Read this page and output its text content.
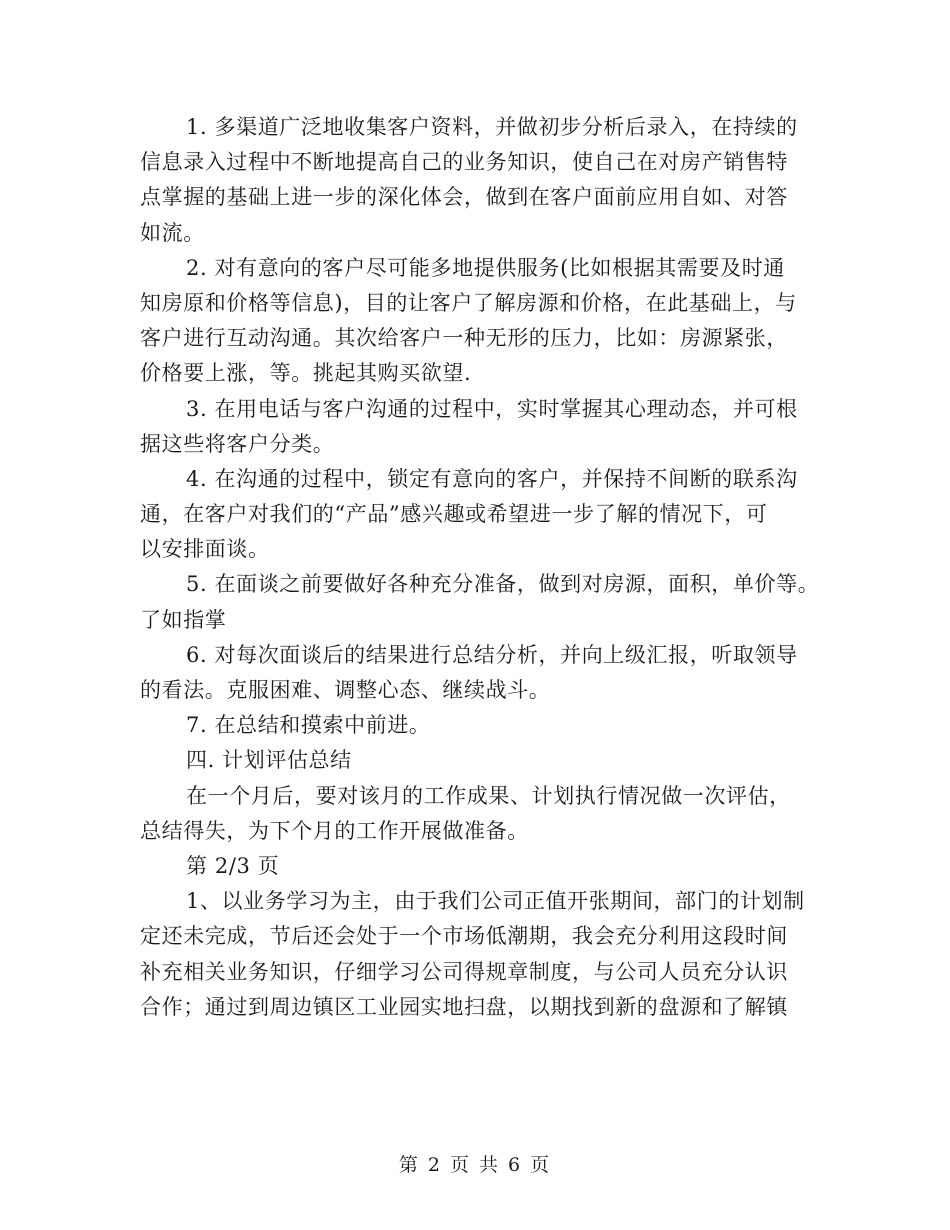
1. 多渠道广泛地收集客户资料，并做初步分析后录入，在持续的
信息录入过程中不断地提高自己的业务知识，使自己在对房产销售特
点掌握的基础上进一步的深化体会，做到在客户面前应用自如、对答
如流。
2. 对有意向的客户尽可能多地提供服务(比如根据其需要及时通
知房原和价格等信息)，目的让客户了解房源和价格，在此基础上，与
客户进行互动沟通。其次给客户一种无形的压力，比如：房源紧张，
价格要上涨，等。挑起其购买欲望.
3. 在用电话与客户沟通的过程中，实时掌握其心理动态，并可根
据这些将客户分类。
4. 在沟通的过程中，锁定有意向的客户，并保持不间断的联系沟
通，在客户对我们的“产品”感兴趣或希望进一步了解的情况下，可
以安排面谈。
5. 在面谈之前要做好各种充分准备，做到对房源，面积，单价等。
了如指掌
6. 对每次面谈后的结果进行总结分析，并向上级汇报，听取领导
的看法。克服困难、调整心态、继续战斗。
7. 在总结和摸索中前进。
四. 计划评估总结
在一个月后，要对该月的工作成果、计划执行情况做一次评估，
总结得失，为下个月的工作开展做准备。
第 2/3 页
1、以业务学习为主，由于我们公司正值开张期间，部门的计划制
定还未完成，节后还会处于一个市场低潮期，我会充分利用这段时间
补充相关业务知识，仔细学习公司得规章制度，与公司人员充分认识
合作；通过到周边镇区工业园实地扫盘，以期找到新的盘源和了解镇
第 2 页 共 6 页
